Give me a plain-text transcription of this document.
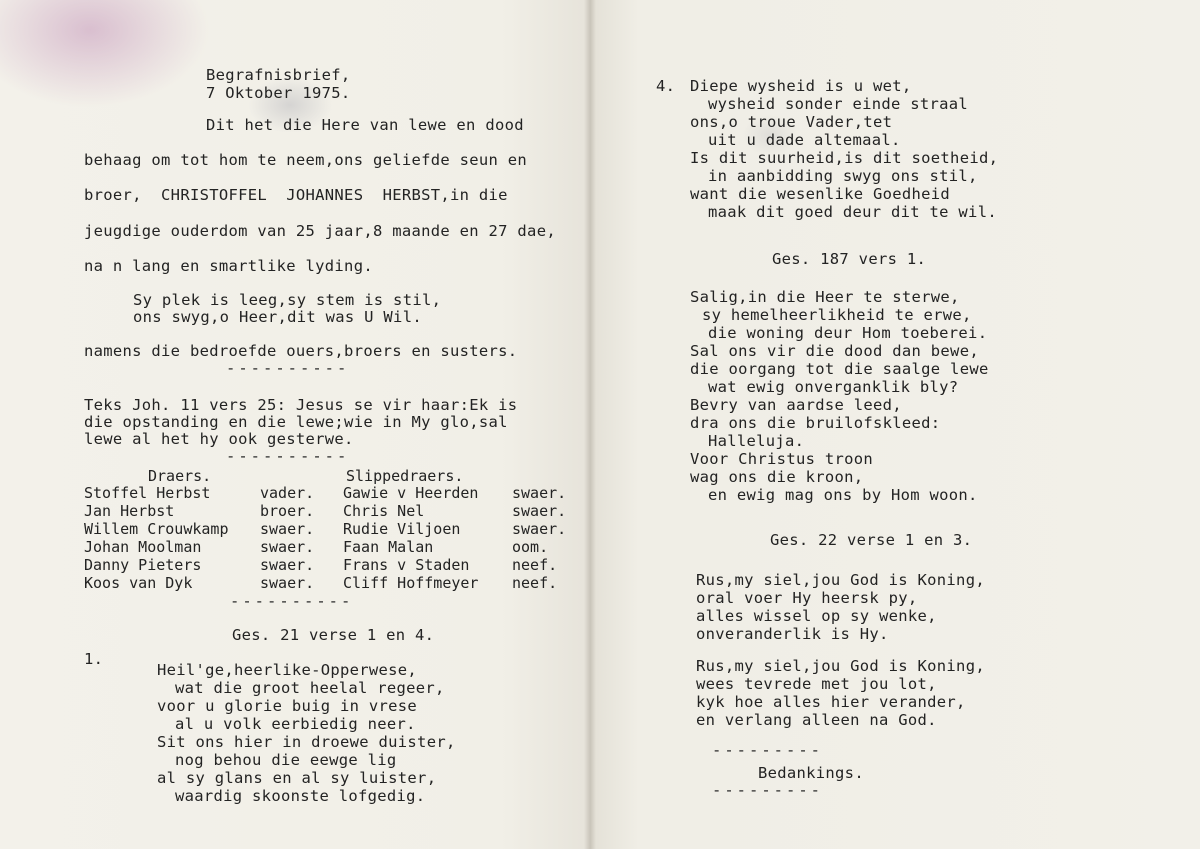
Begrafnisbrief,
7 Oktober 1975.
Dit het die Here van lewe en dood
behaag om tot hom te neem,ons geliefde seun en
broer,  CHRISTOFFEL  JOHANNES  HERBST,in die
jeugdige ouderdom van 25 jaar,8 maande en 27 dae,
na n lang en smartlike lyding.
Sy plek is leeg,sy stem is stil,
ons swyg,o Heer,dit was U Wil.
namens die bedroefde ouers,broers en susters.
----------
Teks Joh. 11 vers 25: Jesus se vir haar:Ek is
die opstanding en die lewe;wie in My glo,sal
lewe al het hy ook gesterwe.
----------
Draers.	Slippedraers.
Stoffel Herbst	vader. Gawie v Heerden swaer.
Jan Herbst	broer. Chris Nel	swaer.
Willem Crouwkamp swaer. Rudie Viljoen	swaer.
Johan Moolman	swaer. Faan Malan	oom.
Danny Pieters	swaer. Frans v Staden	neef.
Koos van Dyk	swaer. Cliff Hoffmeyer neef.
----------
Ges. 21 verse 1 en 4.
1.
Heil'ge,heerlike-Opperwese,
wat die groot heelal regeer,
voor u glorie buig in vrese
al u volk eerbiedig neer.
Sit ons hier in droewe duister,
nog behou die eewge lig
al sy glans en al sy luister,
waardig skoonste lofgedig.
4. Diepe wysheid is u wet,
wysheid sonder einde straal
ons,o troue Vader,tet
uit u dade altemaal.
Is dit suurheid,is dit soetheid,
in aanbidding swyg ons stil,
want die wesenlike Goedheid
maak dit goed deur dit te wil.
Ges. 187 vers 1.
Salig,in die Heer te sterwe,
sy hemelheerlikheid te erwe,
die woning deur Hom toeberei.
Sal ons vir die dood dan bewe,
die oorgang tot die saalge lewe
wat ewig onverganklik bly?
Bevry van aardse leed,
dra ons die bruilofskleed:
Halleluja.
Voor Christus troon
wag ons die kroon,
en ewig mag ons by Hom woon.
Ges. 22 verse 1 en 3.
Rus,my siel,jou God is Koning,
oral voer Hy heersk py,
alles wissel op sy wenke,
onveranderlik is Hy.
Rus,my siel,jou God is Koning,
wees tevrede met jou lot,
kyk hoe alles hier verander,
en verlang alleen na God.
---------
Bedankings.
---------
